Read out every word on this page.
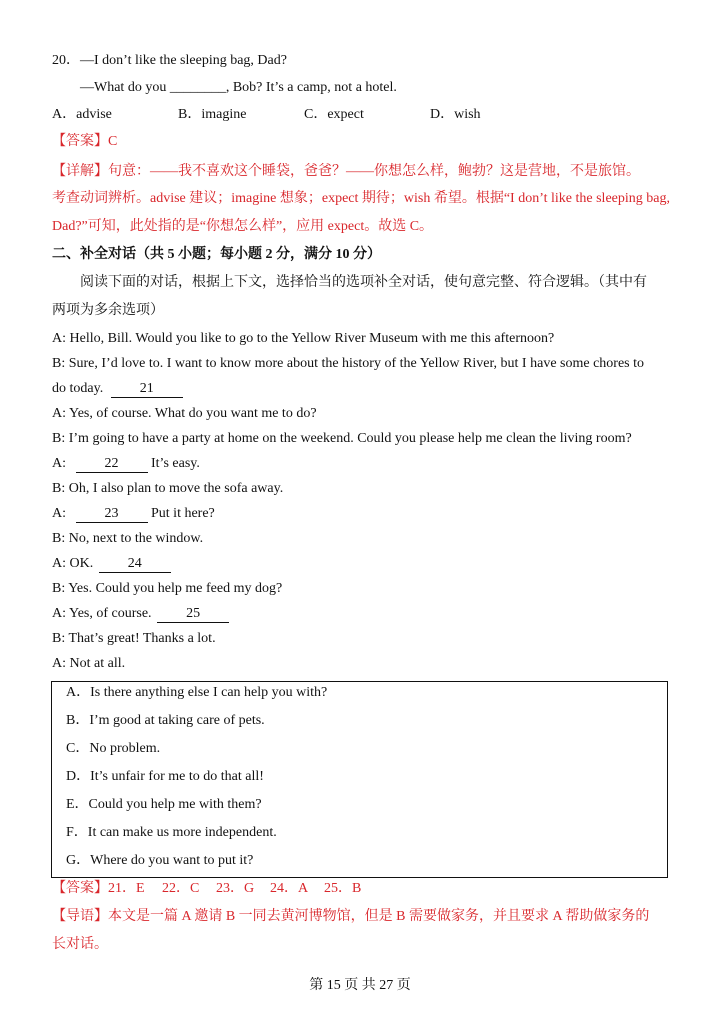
20．—I don’t like the sleeping bag, Dad?
—What do you ________, Bob? It’s a camp, not a hotel.
A．advise	B．imagine	C．expect	D．wish
【答案】C
【详解】句意：——我不喜欢这个睡袋，爸爸？——你想怎么样，鲍勃？这是营地，不是旅馆。
考查动词辨析。advise 建议；imagine 想象；expect 期待；wish 希望。根据“I don’t like the sleeping bag,
Dad?”可知，此处指的是“你想怎么样”，应用 expect。故选 C。
二、补全对话（共 5 小题；每小题 2 分，满分 10 分）
阅读下面的对话，根据上下文，选择恰当的选项补全对话，使句意完整、符合逻辑。（其中有
两项为多余选项）
A: Hello, Bill. Would you like to go to the Yellow River Museum with me this afternoon?
B: Sure, I’d love to. I want to know more about the history of the Yellow River, but I have some chores to
do today. 21
A: Yes, of course. What do you want me to do?
B: I’m going to have a party at home on the weekend. Could you please help me clean the living room?
A:	22 It’s easy.
B: Oh, I also plan to move the sofa away.
A:	23 Put it here?
B: No, next to the window.
A: OK. 24
B: Yes. Could you help me feed my dog?
A: Yes, of course. 25
B: That’s great! Thanks a lot.
A: Not at all.
A．Is there anything else I can help you with?
B．I’m good at taking care of pets.
C．No problem.
D．It’s unfair for me to do that all!
E．Could you help me with them?
F．It can make us more independent.
G．Where do you want to put it?
【答案】21．E 22．C 23．G 24．A 25．B
【导语】本文是一篇 A 邀请 B 一同去黄河博物馆，但是 B 需要做家务，并且要求 A 帮助做家务的
长对话。
第 15 页 共 27 页
